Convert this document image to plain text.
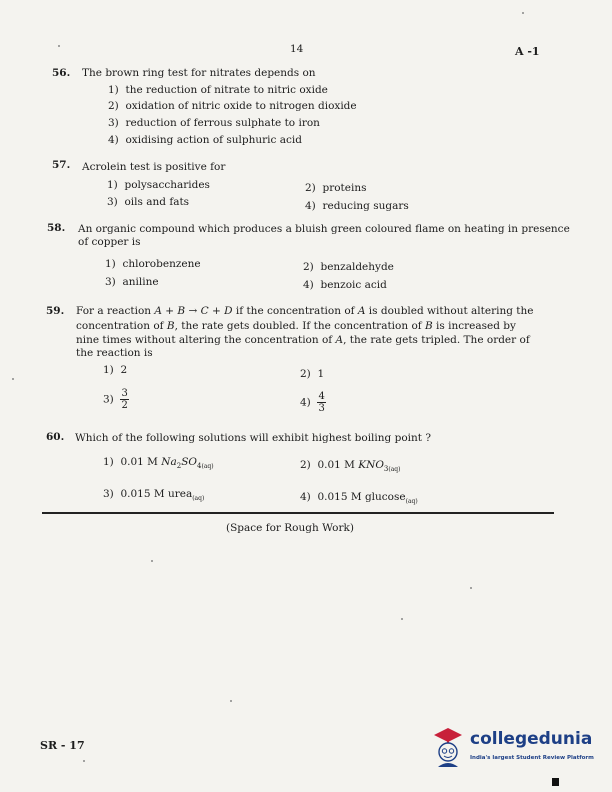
14	A -1
56. The brown ring test for nitrates depends on
1) the reduction of nitrate to nitric oxide
2) oxidation of nitric oxide to nitrogen dioxide
3) reduction of ferrous sulphate to iron
4) oxidising action of sulphuric acid
57. Acrolein test is positive for
1) polysaccharides	2) proteins
3) oils and fats	4) reducing sugars
58. An organic compound which produces a bluish green coloured flame on heating in presence
of copper is
1) chlorobenzene	2) benzaldehyde
3) aniline	4) benzoic acid
59. For a reaction A + B → C + D if the concentration of A is doubled without altering the
concentration of B, the rate gets doubled. If the concentration of B is increased by
nine times without altering the concentration of A, the rate gets tripled. The order of
the reaction is
1) 2	2) 1
$3) \frac{3}{2}$	$4) \frac{4}{3}$
60. Which of the following solutions will exhibit highest boiling point ?
1) 0.01 M $Na_2SO_{4(aq)}$	2) 0.01 M $KNO_{3(aq)}$
3) 0.015 M urea$_{(aq)}$	4) 0.015 M glucose$_{(aq)}$
(Space for Rough Work)
SR - 17	collegedunia
India's largest Student Review Platform
